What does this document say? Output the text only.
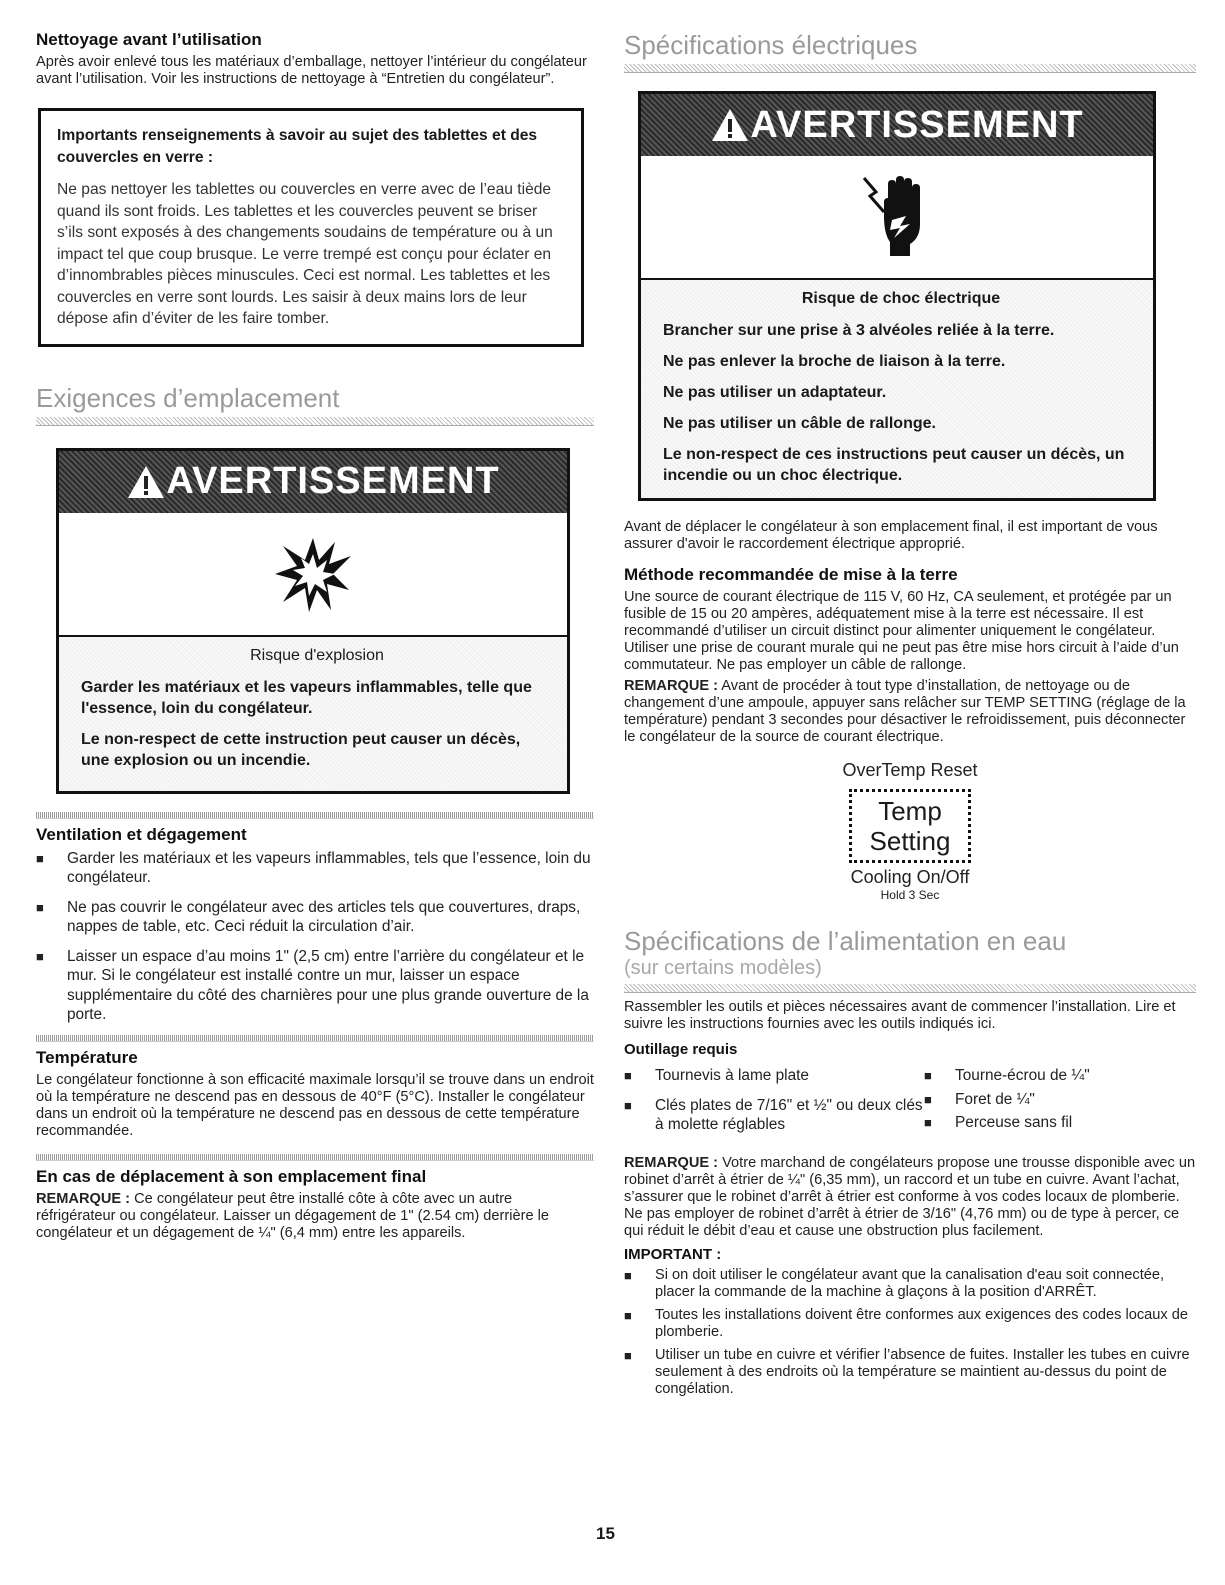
Nettoyage avant l’utilisation

Après avoir enlevé tous les matériaux d’emballage, nettoyer l’intérieur du congélateur avant l’utilisation. Voir les instructions de nettoyage à “Entretien du congélateur”.

Importants renseignements à savoir au sujet des tablettes et des couvercles en verre :

Ne pas nettoyer les tablettes ou couvercles en verre avec de l’eau tiède quand ils sont froids. Les tablettes et les couvercles peuvent se briser s’ils sont exposés à des changements soudains de température ou à un impact tel que coup brusque. Le verre trempé est conçu pour éclater en d’innombrables pièces minuscules. Ceci est normal. Les tablettes et les couvercles en verre sont lourds. Les saisir à deux mains lors de leur dépose afin d’éviter de les faire tomber.

Exigences d’emplacement
AVERTISSEMENT

Risque d'explosion

Garder les matériaux et les vapeurs inflammables, telle que l'essence, loin du congélateur.

Le non-respect de cette instruction peut causer un décès, une explosion ou un incendie.

Ventilation et dégagement
■ Garder les matériaux et les vapeurs inflammables, tels que l’essence, loin du congélateur.
■ Ne pas couvrir le congélateur avec des articles tels que couvertures, draps, nappes de table, etc. Ceci réduit la circulation d’air.
■ Laisser un espace d’au moins 1" (2,5 cm) entre l’arrière du congélateur et le mur. Si le congélateur est installé contre un mur, laisser un espace supplémentaire du côté des charnières pour une plus grande ouverture de la porte.
Température

Le congélateur fonctionne à son efficacité maximale lorsqu’il se trouve dans un endroit où la température ne descend pas en dessous de 40°F (5°C). Installer le congélateur dans un endroit où la température ne descend pas en dessous de cette température recommandée.

En cas de déplacement à son emplacement final

REMARQUE : Ce congélateur peut être installé côte à côte avec un autre réfrigérateur ou congélateur. Laisser un dégagement de 1" (2.54 cm) derrière le congélateur et un dégagement de ¼" (6,4 mm) entre les appareils.

Spécifications électriques
AVERTISSEMENT

Risque de choc électrique

Brancher sur une prise à 3 alvéoles reliée à la terre.

Ne pas enlever la broche de liaison à la terre.

Ne pas utiliser un adaptateur.

Ne pas utiliser un câble de rallonge.

Le non-respect de ces instructions peut causer un décès, un incendie ou un choc électrique.

Avant de déplacer le congélateur à son emplacement final, il est important de vous assurer d'avoir le raccordement électrique approprié.

Méthode recommandée de mise à la terre

Une source de courant électrique de 115 V, 60 Hz, CA seulement, et protégée par un fusible de 15 ou 20 ampères, adéquatement mise à la terre est nécessaire. Il est recommandé d’utiliser un circuit distinct pour alimenter uniquement le congélateur. Utiliser une prise de courant murale qui ne peut pas être mise hors circuit à l’aide d’un commutateur. Ne pas employer un câble de rallonge.

REMARQUE : Avant de procéder à tout type d’installation, de nettoyage ou de changement d’une ampoule, appuyer sans relâcher sur TEMP SETTING (réglage de la température) pendant 3 secondes pour désactiver le refroidissement, puis déconnecter le congélateur de la source de courant électrique.

OverTemp Reset
Temp
Setting
Cooling On/Off
Hold 3 Sec
Spécifications de l’alimentation en eau

(sur certains modèles)

Rassembler les outils et pièces nécessaires avant de commencer l’installation. Lire et suivre les instructions fournies avec les outils indiqués ici.

Outillage requis
■ Tournevis à lame plate
■ Clés plates de 7/16" et ½" ou deux clés à molette réglables
■ Tourne-écrou de ¼"
■ Foret de ¼"
■ Perceuse sans fil

REMARQUE : Votre marchand de congélateurs propose une trousse disponible avec un robinet d’arrêt à étrier de ¼" (6,35 mm), un raccord et un tube en cuivre. Avant l’achat, s’assurer que le robinet d’arrêt à étrier est conforme à vos codes locaux de plomberie. Ne pas employer de robinet d’arrêt à étrier de 3/16" (4,76 mm) ou de type à percer, ce qui réduit le débit d’eau et cause une obstruction plus facilement.

IMPORTANT :
■ Si on doit utiliser le congélateur avant que la canalisation d'eau soit connectée, placer la commande de la machine à glaçons à la position d'ARRÊT.
■ Toutes les installations doivent être conformes aux exigences des codes locaux de plomberie.
■ Utiliser un tube en cuivre et vérifier l’absence de fuites. Installer les tubes en cuivre seulement à des endroits où la température se maintient au-dessus du point de congélation.
15
